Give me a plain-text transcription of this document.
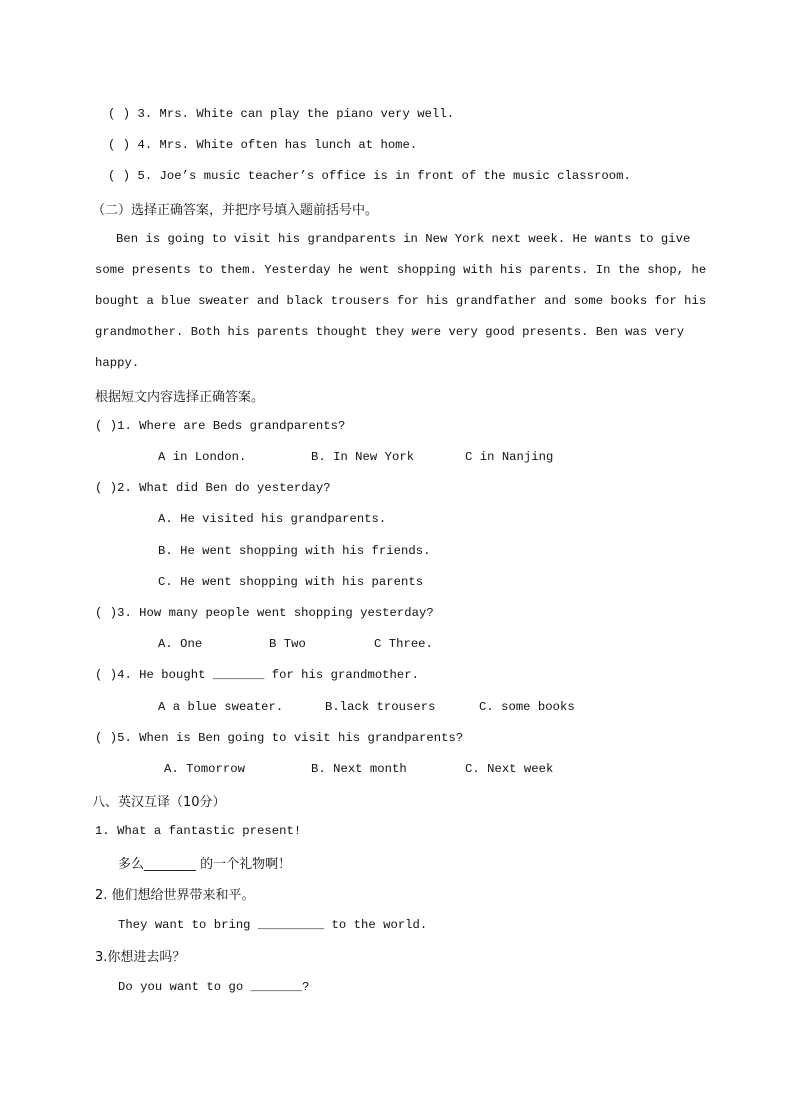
( ) 3. Mrs. White can play the piano very well.
( ) 4. Mrs. White often has lunch at home.
( ) 5. Joe’s music teacher’s office is in front of the music classroom.
（二）选择正确答案，并把序号填入题前括号中。
Ben is going to visit his grandparents in New York next week. He wants to give
some presents to them. Yesterday he went shopping with his parents. In the shop, he
bought a blue sweater and black trousers for his grandfather and some books for his
grandmother. Both his parents thought they were very good presents. Ben was very
happy.
根据短文内容选择正确答案。
( )1. Where are Beds grandparents?
A in London.	B. In New York	C in Nanjing
( )2. What did Ben do yesterday?
A. He visited his grandparents.
B. He went shopping with his friends.
C. He went shopping with his parents
( )3. How many people went shopping yesterday?
A. One	B Two	C Three.
( )4. He bought _______ for his grandmother.
A a blue sweater.	B.lack trousers	C. some books
( )5. When is Ben going to visit his grandparents?
A. Tomorrow	B. Next month	C. Next week
八、英汉互译（10分）
1. What a fantastic present!
多么________ 的一个礼物啊！
2. 他们想给世界带来和平。
They want to bring _________ to the world.
3.你想进去吗？
Do you want to go _______?
